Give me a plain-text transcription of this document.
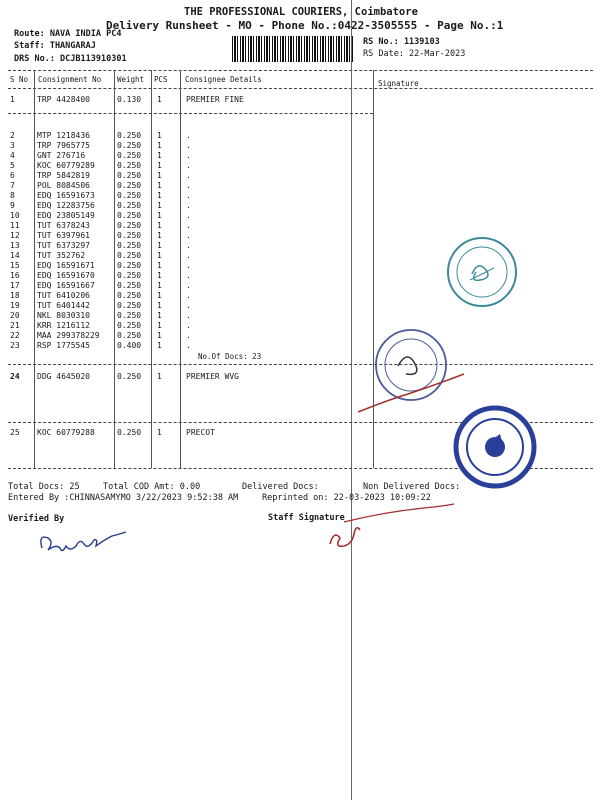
THE PROFESSIONAL COURIERS, Coimbatore
Delivery Runsheet - MO - Phone No.:0422-3505555 - Page No.:1
Route: NAVA INDIA PC4
Staff: THANGARAJ
DRS No.: DCJB113910301
RS No.: 1139103
RS Date: 22-Mar-2023
S No Consignment No Weight PCS Consignee Details	Signature
1	TRP 4428400	0.130 1	PREMIER FINE
2	MTP 1218436	0.250 1	.
3	TRP 7965775	0.250 1	.
4	GNT 276716	0.250 1	.
5	KOC 60779289	0.250 1	.
6	TRP 5842819	0.250 1	.
7	POL 8084506	0.250 1	.
8	EDQ 16591673	0.250 1	.
9	EDQ 12283756	0.250 1	.
10 EDQ 23805149	0.250 1	.
11 TUT 6378243	0.250 1	.
12 TUT 6397961	0.250 1	.
13 TUT 6373297	0.250 1	.
14 TUT 352762	0.250 1	.
15 EDQ 16591671	0.250 1	.
16 EDQ 16591670	0.250 1	.
17 EDQ 16591667	0.250 1	.
18 TUT 6410206	0.250 1	.
19 TUT 6401442	0.250 1	.
20 NKL 8030310	0.250 1	.
21 KRR 1216112	0.250 1	.
22 MAA 299378229 0.250 1	.
23 RSP 1775545	0.400 1	.
No.Of Docs: 23
24 DDG 4645020	0.250 1	PREMIER WVG
25 KOC 60779288	0.250 1	PRECOT
Total Docs: 25	Total COD Amt: 0.00	Delivered Docs:	Non Delivered Docs:
Entered By :CHINNASAMYMO 3/22/2023 9:52:38 AM	Reprinted on: 22-03-2023 10:09:22
Verified By	Staff Signature
